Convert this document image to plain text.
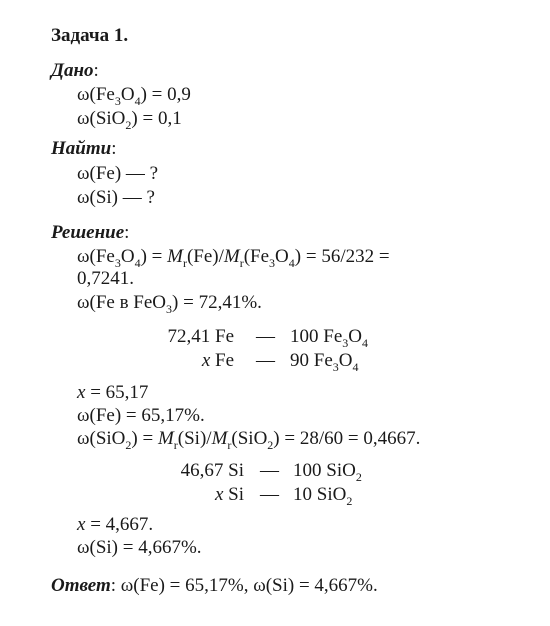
Задача 1.
Дано:
$\omega(Fe_3O_4) = 0,9$
ω(SiO$_2$) = 0,1
Найти:
ω(Fe) — ?
ω(Si) — ?
Решение:
$\omega(Fe_3O_4) = M_r(Fe)/M_r(Fe_3O_4) = 56/232$ =
0,7241.
ω(Fe в FeO$_3$) = 72,41%.
72,41 Fe — 100 $Fe_3O_4$
x Fe — 90 $Fe_3O_4$
x = 65,17
ω(Fe) = 65,17%.
$\omega(SiO_2) = M_r(Si)/M_r(SiO_2) = 28/60 = 0,4667$.
46,67 Si — 100 SiO$_2$
x Si — 10 SiO$_2$
x = 4,667.
ω(Si) = 4,667%.
Ответ: ω(Fe) = 65,17%, ω(Si) = 4,667%.
